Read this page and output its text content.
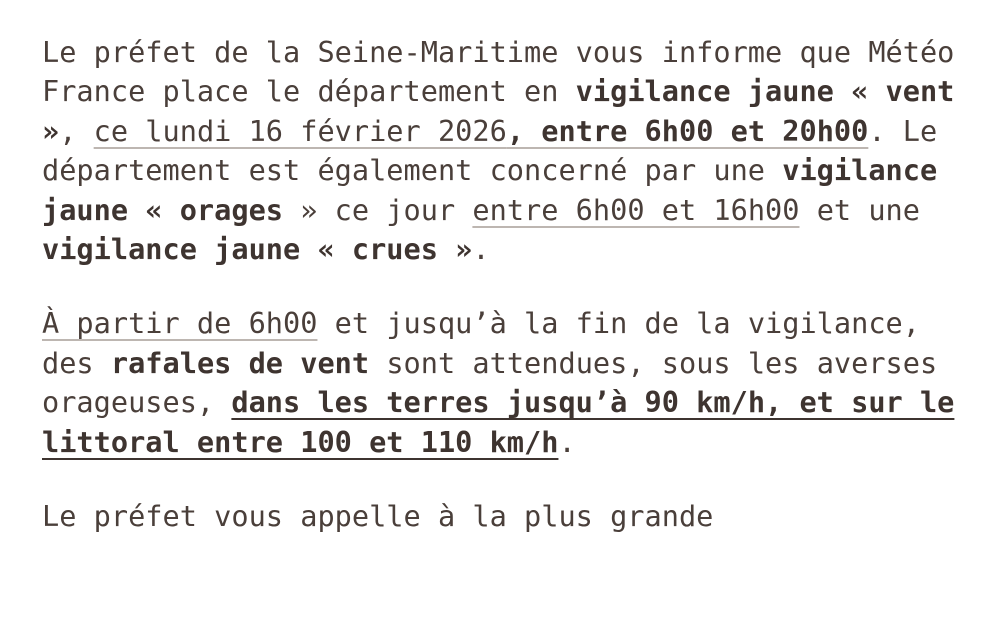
Le préfet de la Seine-Maritime vous informe que Météo France place le département en vigilance jaune « vent », ce lundi 16 février 2026, entre 6h00 et 20h00. Le département est également concerné par une vigilance jaune « orages » ce jour entre 6h00 et 16h00 et une vigilance jaune « crues ».

À partir de 6h00 et jusqu’à la fin de la vigilance, des rafales de vent sont attendues, sous les averses orageuses, dans les terres jusqu’à 90 km/h, et sur le littoral entre 100 et 110 km/h.

Le préfet vous appelle à la plus grande
